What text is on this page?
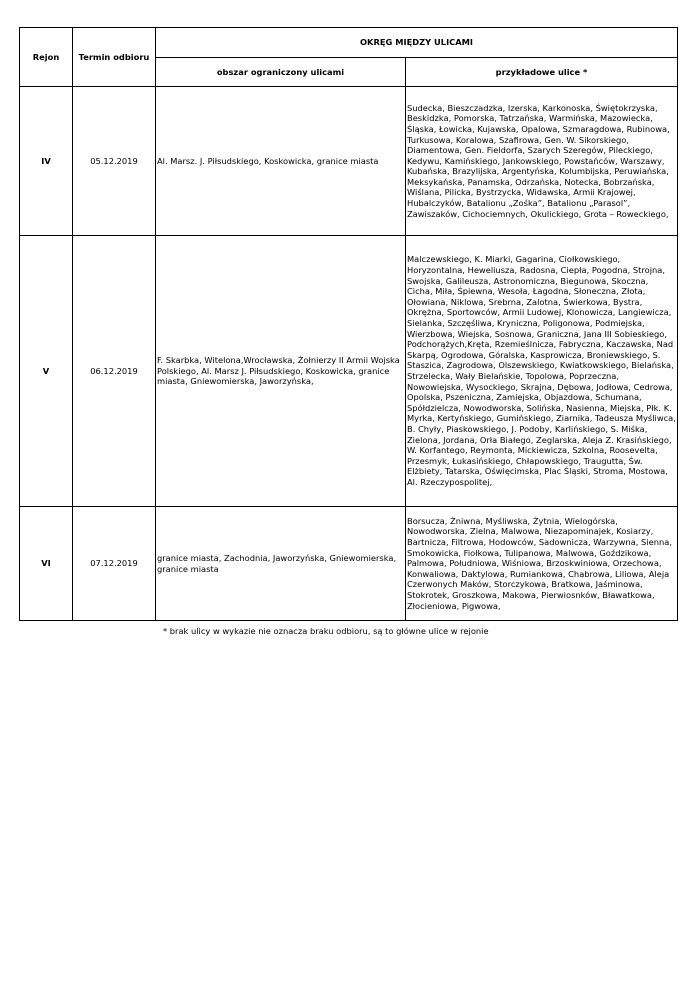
Rejon	Termin odbioru	OKRĘG MIĘDZY ULICAMI	
		obszar ograniczony ulicami	przykładowe ulice *
IV	05.12.2019	Al. Marsz. J. Piłsudskiego, Koskowicka, granice miasta	Sudecka, Bieszczadzka, Izerska, Karkonoska, Świętokrzyska, Beskidzka, Pomorska, Tatrzańska, Warmińska, Mazowiecka, Śląska, Łowicka, Kujawska, Opalowa, Szmaragdowa, Rubinowa, Turkusowa, Koralowa, Szafirowa, Gen. W. Sikorskiego, Diamentowa, Gen. Fieldorfa, Szarych Szeregów, Pileckiego, Kedywu, Kamińskiego, Jankowskiego, Powstańców, Warszawy, Kubańska, Brazylijska, Argentyńska, Kolumbijska, Peruwiańska, Meksykańska, Panamska, Odrzańska, Notecka, Bobrzańska, Wiślana, Pilicka, Bystrzycka, Widawska, Armii Krajowej, Hubalczyków, Batalionu „Zośka”, Batalionu „Parasol”, Zawiszaków, Cichociemnych, Okulickiego, Grota – Roweckiego,
V	06.12.2019	F. Skarbka, Witelona,Wrocławska, Żołnierzy II Armii Wojska Polskiego, Al. Marsz J. Piłsudskiego, Koskowicka, granice miasta, Gniewomierska, Jaworzyńska,	Malczewskiego, K. Miarki, Gagarina, Ciołkowskiego, Horyzontalna, Heweliusza, Radosna, Ciepła, Pogodna, Strojna, Swojska, Galileusza, Astronomiczna, Biegunowa, Skoczna, Cicha, Miła, Śpiewna, Wesoła, Łagodna, Słoneczna, Złota, Ołowiana, Niklowa, Srebrna, Zalotna, Świerkowa, Bystra, Okrężna, Sportowców, Armii Ludowej, Klonowicza, Langiewicza, Sielanka, Szczęśliwa, Kryniczna, Poligonowa, Podmiejska, Wierzbowa, Wiejska, Sosnowa, Graniczna, Jana III Sobieskiego, Podchorążych,Kręta, Rzemieślnicza, Fabryczna, Kaczawska, Nad Skarpą, Ogrodowa, Góralska, Kasprowicza, Broniewskiego, S. Staszica, Zagrodowa, Olszewskiego, Kwiatkowskiego, Bielańska, Strzelecka, Wały Bielańskie, Topolowa, Poprzeczna, Nowowiejska, Wysockiego, Skrajna, Dębowa, Jodłowa, Cedrowa, Opolska, Pszeniczna, Zamiejska, Objazdowa, Schumana, Spółdzielcza, Nowodworska, Solińska, Nasienna, Miejska, Płk. K. Myrka, Kertyńskiego, Gumińskiego, Ziarnika, Tadeusza Myśliwca, B. Chyły, Piaskowskiego, J. Podoby, Karlińskiego, S. Miśka, Zielona, Jordana, Orła Białego, Zeglarska, Aleja Z. Krasińskiego, W. Korfantego, Reymonta, Mickiewicza, Szkolna, Roosevelta, Przesmyk, Łukasińskiego, Chłapowskiego, Traugutta, Św. Elżbiety, Tatarska, Oświęcimska, Plac Śląski, Stroma, Mostowa, Al. Rzeczypospolitej,
VI	07.12.2019	granice miasta, Zachodnia, Jaworzyńska, Gniewomierska, granice miasta	Borsucza, Żniwna, Myśliwska, Żytnia, Wielogórska, Nowodworska, Zielna, Malwowa, Niezapominajek, Kosiarzy, Bartnicza, Filtrowa, Hodowców, Sadownicza, Warzywna, Sienna, Smokowicka, Fiołkowa, Tulipanowa, Malwowa, Goździkowa, Palmowa, Południowa, Wiśniowa, Brzoskwiniowa, Orzechowa, Konwaliowa, Daktylowa, Rumiankowa, Chabrowa, Liliowa, Aleja Czerwonych Maków, Storczykowa, Bratkowa, Jaśminowa, Stokrotek, Groszkowa, Makowa, Pierwiosnków, Bławatkowa, Złocieniowa, Pigwowa,
* brak ulicy w wykazie nie oznacza braku odbioru, są to główne ulice w rejonie
